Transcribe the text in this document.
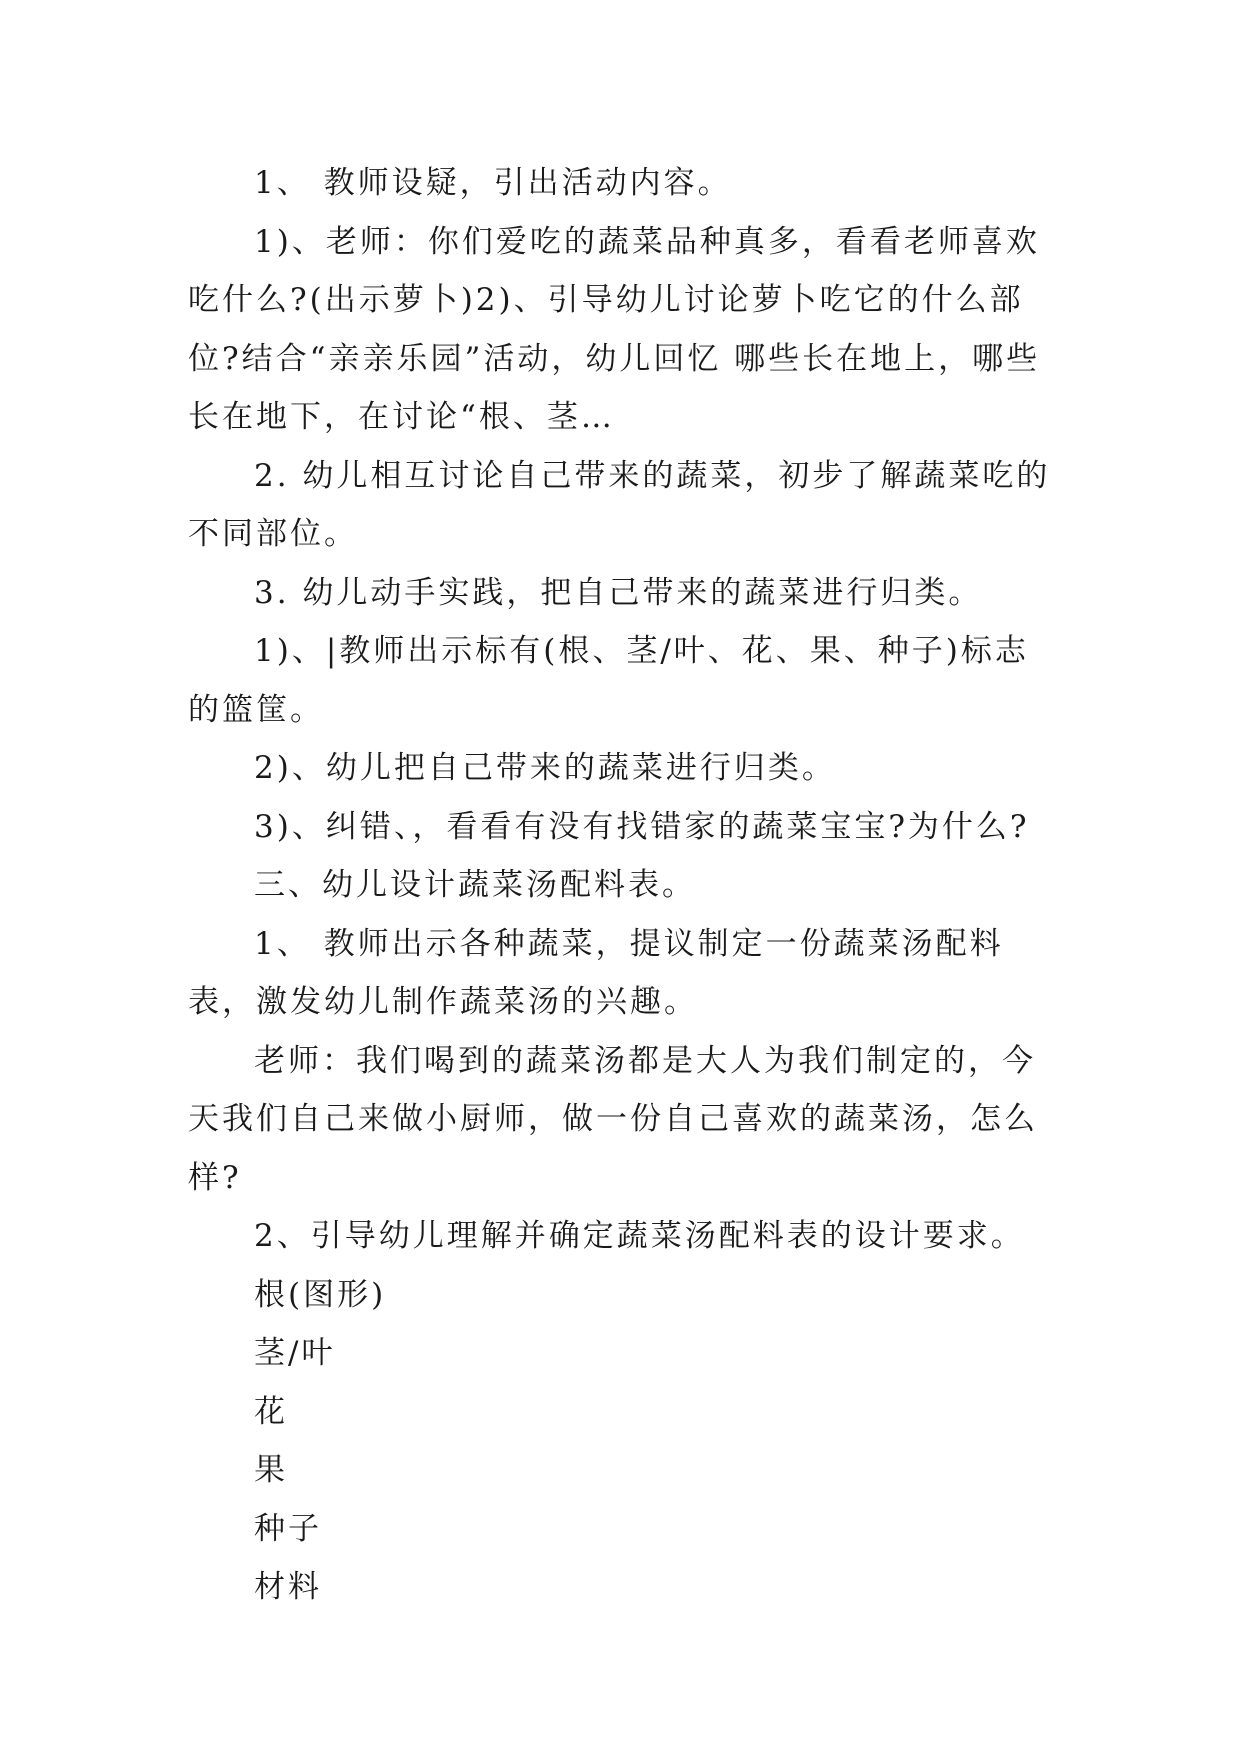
1、 教师设疑，引出活动内容。

1)、老师：你们爱吃的蔬菜品种真多，看看老师喜欢吃什么?(出示萝卜)2)、引导幼儿讨论萝卜吃它的什么部位?结合“亲亲乐园”活动，幼儿回忆 哪些长在地上，哪些长在地下，在讨论“根、茎…

2. 幼儿相互讨论自己带来的蔬菜，初步了解蔬菜吃的不同部位。

3. 幼儿动手实践，把自己带来的蔬菜进行归类。

1)、|教师出示标有(根、茎/叶、花、果、种子)标志的篮筐。

2)、幼儿把自己带来的蔬菜进行归类。

3)、纠错、，看看有没有找错家的蔬菜宝宝?为什么?

三、幼儿设计蔬菜汤配料表。

1、 教师出示各种蔬菜，提议制定一份蔬菜汤配料表，激发幼儿制作蔬菜汤的兴趣。

老师：我们喝到的蔬菜汤都是大人为我们制定的，今天我们自己来做小厨师，做一份自己喜欢的蔬菜汤，怎么样?

2、引导幼儿理解并确定蔬菜汤配料表的设计要求。

根(图形)

茎/叶

花

果

种子

材料
